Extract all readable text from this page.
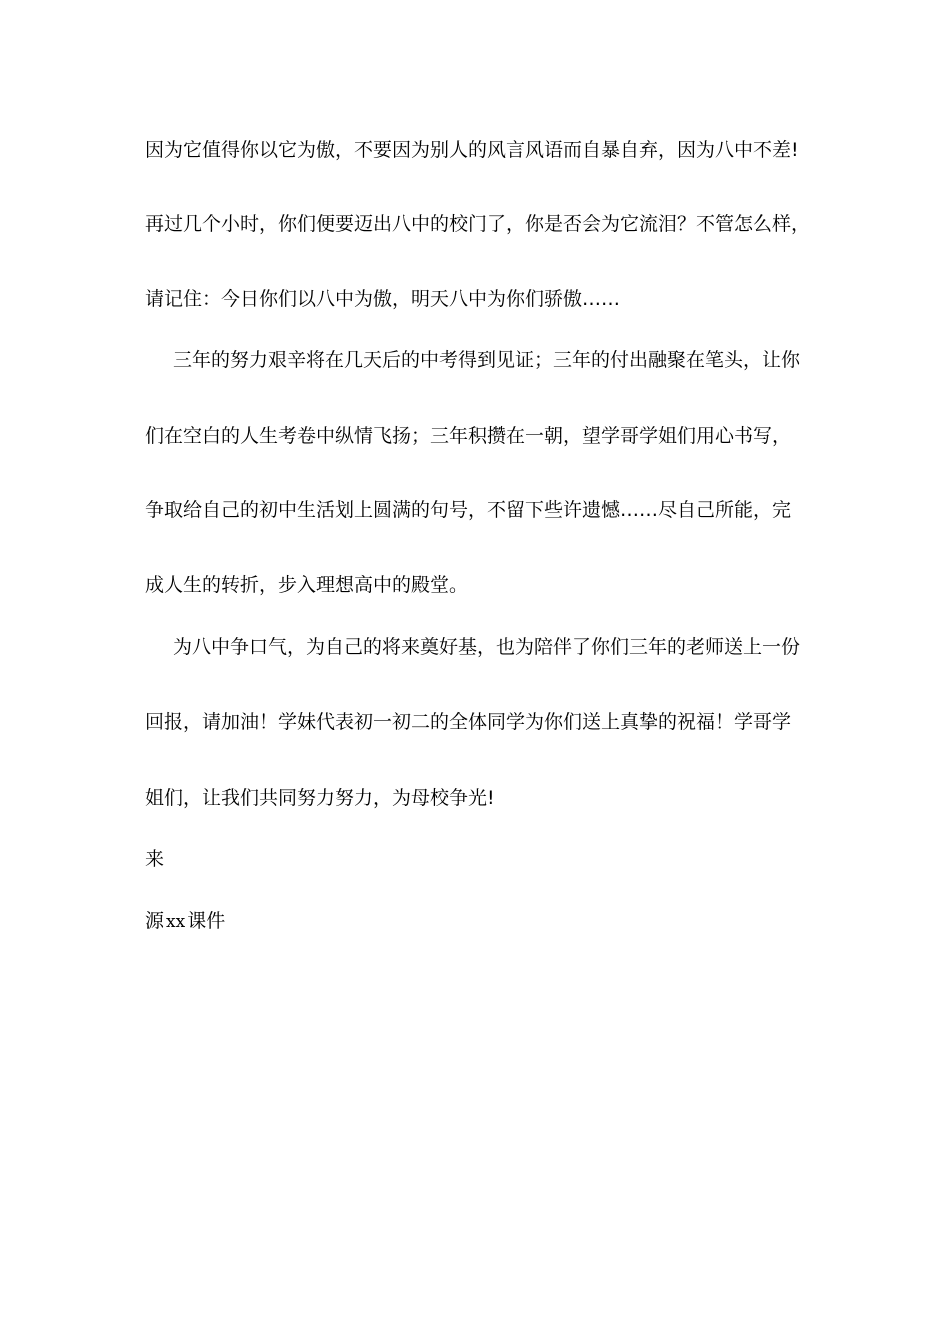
因为它值得你以它为傲，不要因为别人的风言风语而自暴自弃，因为八中不差!
再过几个小时，你们便要迈出八中的校门了，你是否会为它流泪？不管怎么样，
请记住：今日你们以八中为傲，明天八中为你们骄傲……
三年的努力艰辛将在几天后的中考得到见证；三年的付出融聚在笔头，让你
们在空白的人生考卷中纵情飞扬；三年积攒在一朝，望学哥学姐们用心书写，
争取给自己的初中生活划上圆满的句号，不留下些许遗憾……尽自己所能，完
成人生的转折，步入理想高中的殿堂。
为八中争口气，为自己的将来奠好基，也为陪伴了你们三年的老师送上一份
回报，请加油！学妹代表初一初二的全体同学为你们送上真挚的祝福！学哥学
姐们，让我们共同努力努力，为母校争光!
来
源 xx 课件
